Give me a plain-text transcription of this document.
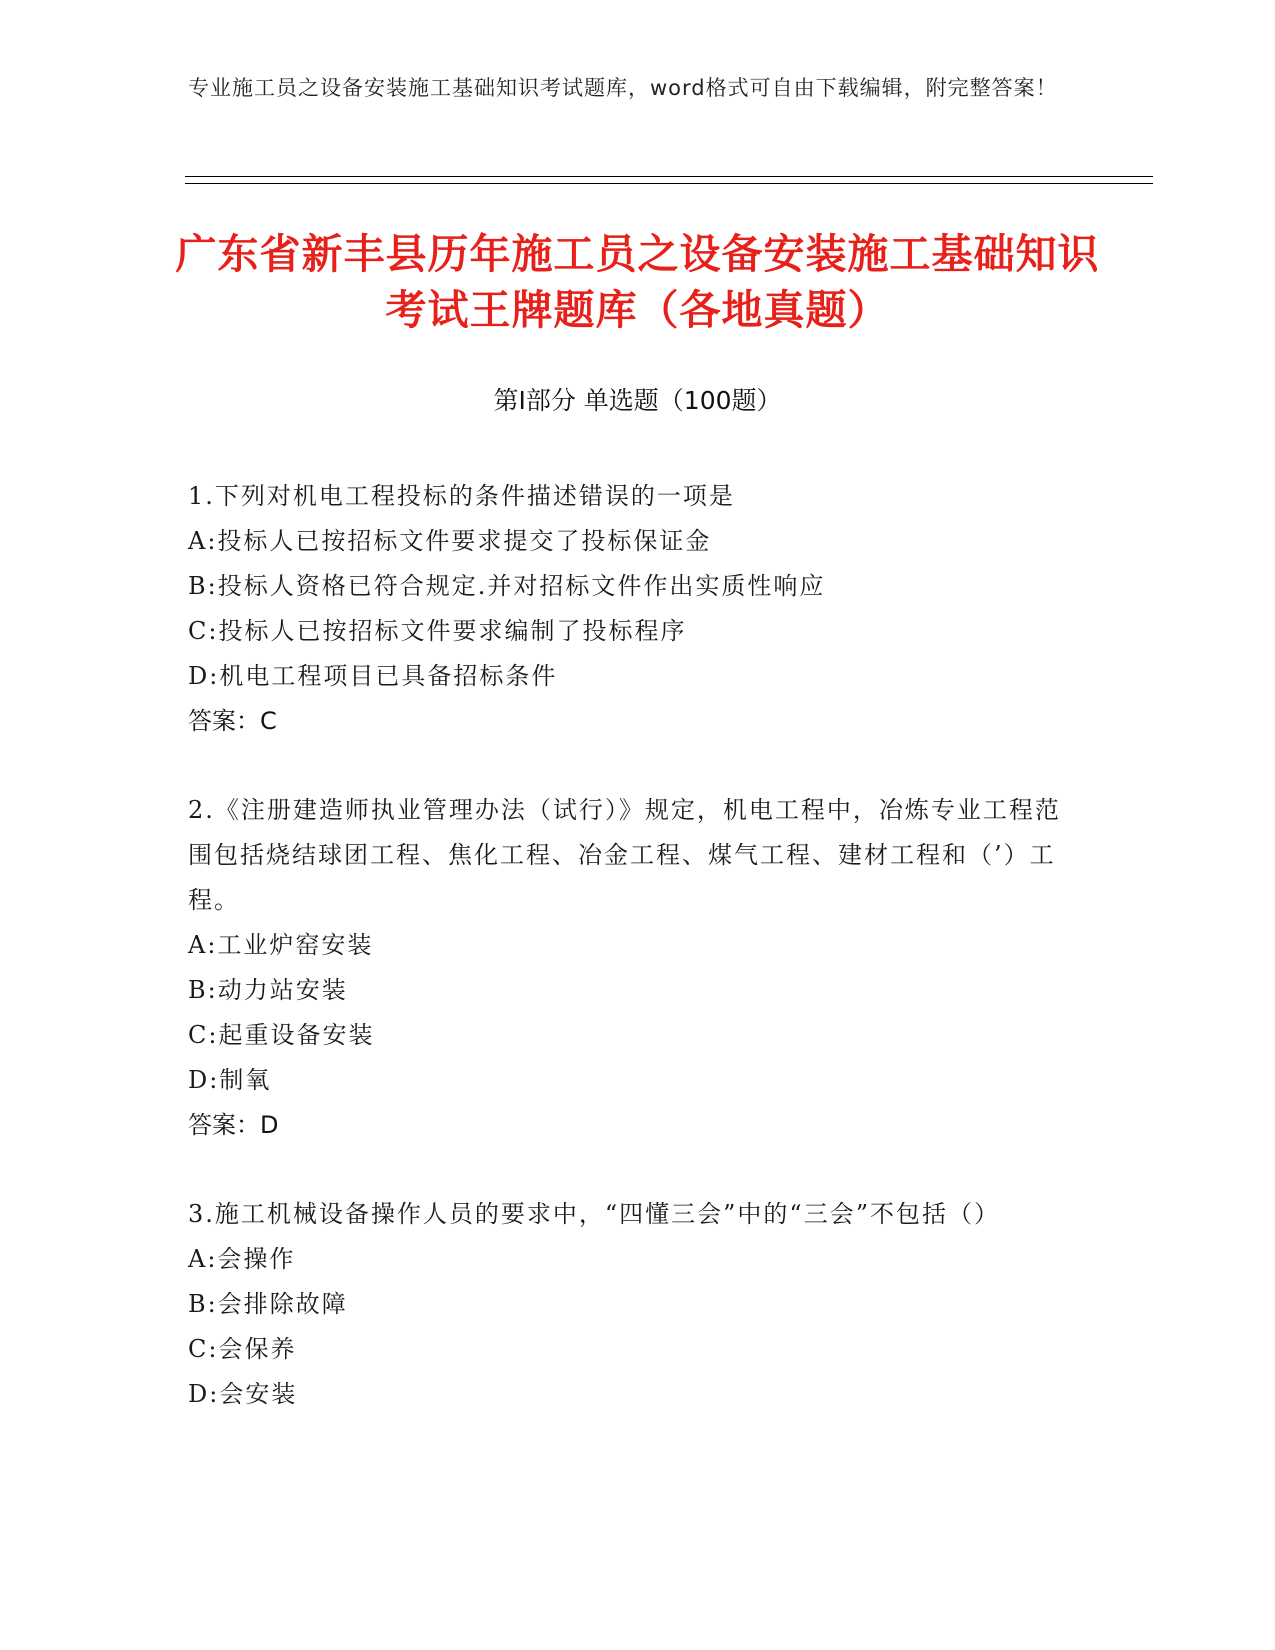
专业施工员之设备安装施工基础知识考试题库，word格式可自由下载编辑，附完整答案！
广东省新丰县历年施工员之设备安装施工基础知识考试王牌题库（各地真题）
第Ⅰ部分 单选题（100题）
1.下列对机电工程投标的条件描述错误的一项是
A:投标人已按招标文件要求提交了投标保证金
B:投标人资格已符合规定.并对招标文件作出实质性响应
C:投标人已按招标文件要求编制了投标程序
D:机电工程项目已具备招标条件
答案：C
2.《注册建造师执业管理办法（试行）》规定，机电工程中，冶炼专业工程范围包括烧结球团工程、焦化工程、冶金工程、煤气工程、建材工程和（’）工程。
A:工业炉窑安装
B:动力站安装
C:起重设备安装
D:制氧
答案：D
3.施工机械设备操作人员的要求中，“四懂三会”中的“三会”不包括（）
A:会操作
B:会排除故障
C:会保养
D:会安装
